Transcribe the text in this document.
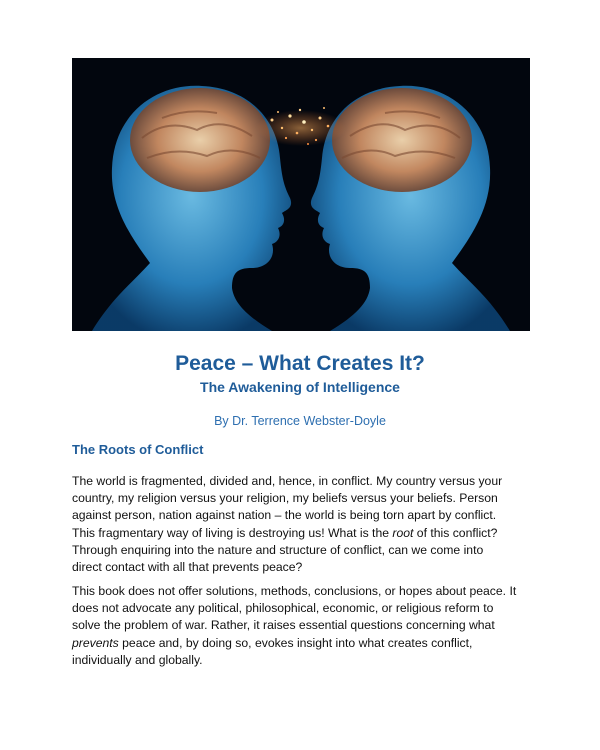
Peace – What Creates It?
The Awakening of Intelligence
By Dr. Terrence Webster-Doyle
The Roots of Conflict
The world is fragmented, divided and, hence, in conflict. My country versus your
country, my religion versus your religion, my beliefs versus your beliefs. Person
against person, nation against nation – the world is being torn apart by conflict.
This fragmentary way of living is destroying us! What is the root of this conflict?
Through enquiring into the nature and structure of conflict, can we come into
direct contact with all that prevents peace?
This book does not offer solutions, methods, conclusions, or hopes about peace. It
does not advocate any political, philosophical, economic, or religious reform to
solve the problem of war. Rather, it raises essential questions concerning what
prevents peace and, by doing so, evokes insight into what creates conflict,
individually and globally.
